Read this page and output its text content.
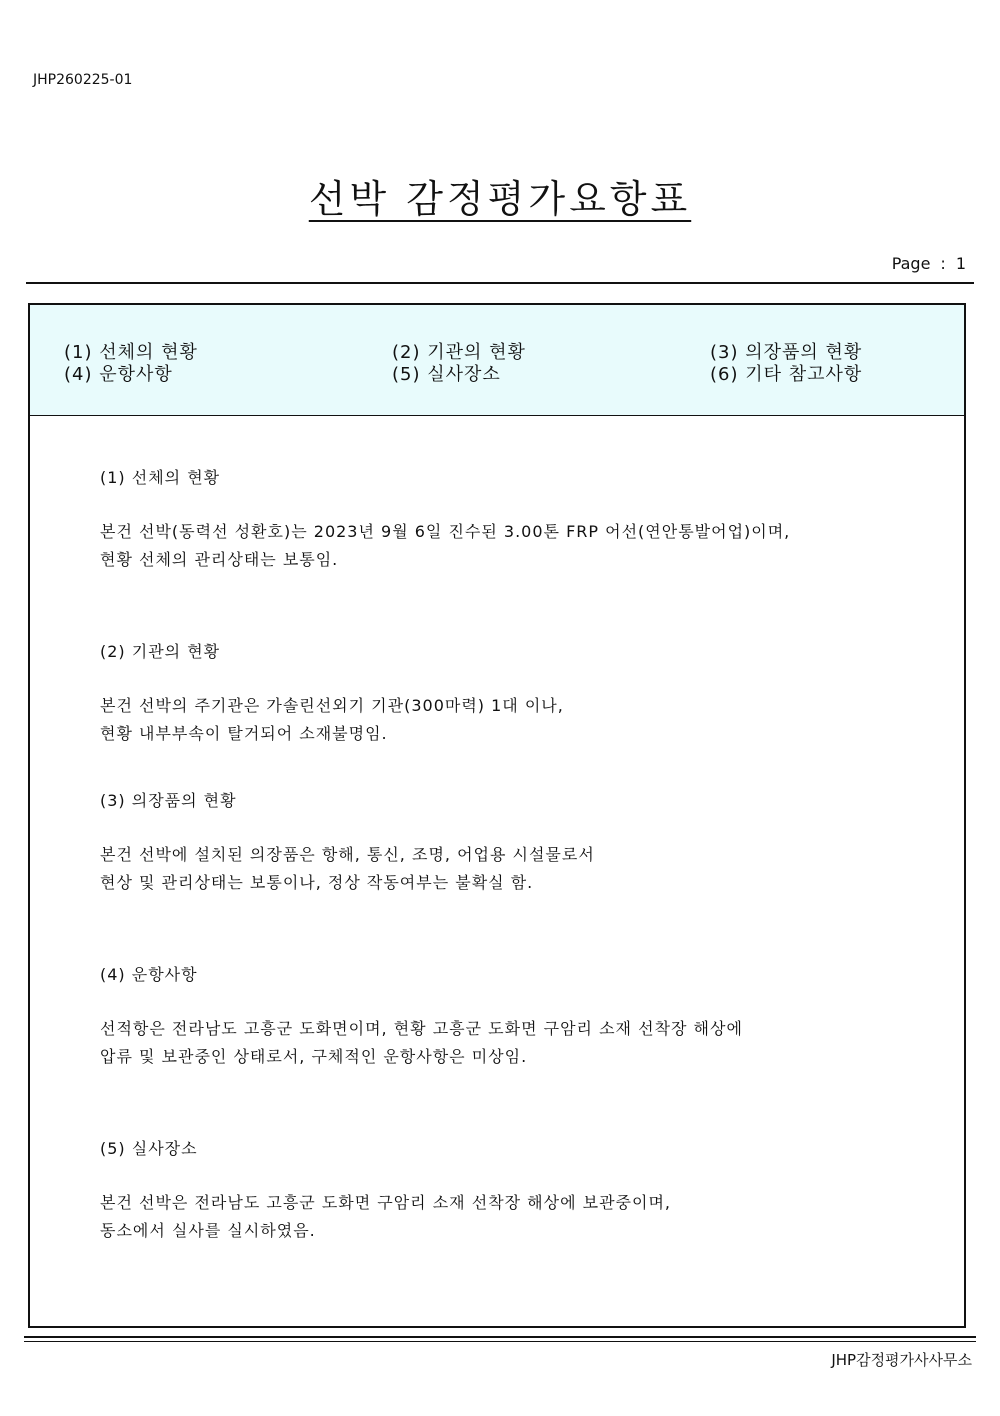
JHP260225-01
선박 감정평가요항표
Page : 1
(1) 선체의 현황	(2) 기관의 현황	(3) 의장품의 현황
(4) 운항사항	(5) 실사장소	(6) 기타 참고사항
(1) 선체의 현황

본건 선박(동력선 성환호)는 2023년 9월 6일 진수된 3.00톤 FRP 어선(연안통발어업)이며,

현황 선체의 관리상태는 보통임.

(2) 기관의 현황

본건 선박의 주기관은 가솔린선외기 기관(300마력) 1대 이나,

현황 내부부속이 탈거되어 소재불명임.

(3) 의장품의 현황

본건 선박에 설치된 의장품은 항해, 통신, 조명, 어업용 시설물로서

현상 및 관리상태는 보통이나, 정상 작동여부는 불확실 함.

(4) 운항사항

선적항은 전라남도 고흥군 도화면이며, 현황 고흥군 도화면 구암리 소재 선착장 해상에

압류 및 보관중인 상태로서, 구체적인 운항사항은 미상임.

(5) 실사장소

본건 선박은 전라남도 고흥군 도화면 구암리 소재 선착장 해상에 보관중이며,

동소에서 실사를 실시하였음.

JHP감정평가사사무소
